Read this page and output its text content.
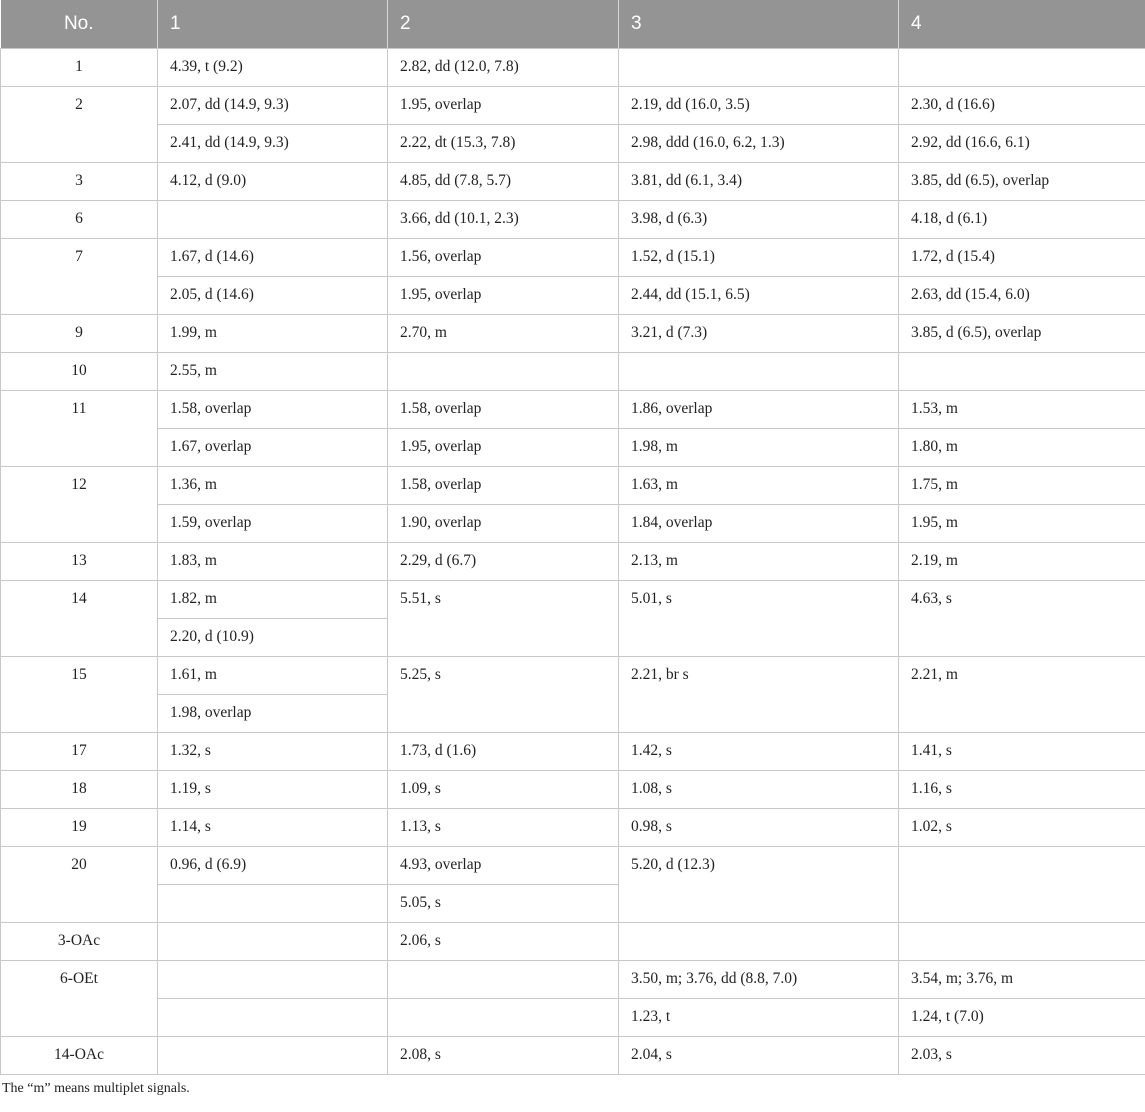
No.	1	2	3	4
1	4.39, t (9.2)	2.82, dd (12.0, 7.8)		
2	2.07, dd (14.9, 9.3)	1.95, overlap	2.19, dd (16.0, 3.5)	2.30, d (16.6)
	2.41, dd (14.9, 9.3)	2.22, dt (15.3, 7.8)	2.98, ddd (16.0, 6.2, 1.3)	2.92, dd (16.6, 6.1)
3	4.12, d (9.0)	4.85, dd (7.8, 5.7)	3.81, dd (6.1, 3.4)	3.85, dd (6.5), overlap
6		3.66, dd (10.1, 2.3)	3.98, d (6.3)	4.18, d (6.1)
7	1.67, d (14.6)	1.56, overlap	1.52, d (15.1)	1.72, d (15.4)
	2.05, d (14.6)	1.95, overlap	2.44, dd (15.1, 6.5)	2.63, dd (15.4, 6.0)
9	1.99, m	2.70, m	3.21, d (7.3)	3.85, d (6.5), overlap
10	2.55, m			
11	1.58, overlap	1.58, overlap	1.86, overlap	1.53, m
	1.67, overlap	1.95, overlap	1.98, m	1.80, m
12	1.36, m	1.58, overlap	1.63, m	1.75, m
	1.59, overlap	1.90, overlap	1.84, overlap	1.95, m
13	1.83, m	2.29, d (6.7)	2.13, m	2.19, m
14	1.82, m	5.51, s	5.01, s	4.63, s
	2.20, d (10.9)			
15	1.61, m	5.25, s	2.21, br s	2.21, m
	1.98, overlap			
17	1.32, s	1.73, d (1.6)	1.42, s	1.41, s
18	1.19, s	1.09, s	1.08, s	1.16, s
19	1.14, s	1.13, s	0.98, s	1.02, s
20	0.96, d (6.9)	4.93, overlap	5.20, d (12.3)	
		5.05, s		
3-OAc		2.06, s		
6-OEt			3.50, m; 3.76, dd (8.8, 7.0)	3.54, m; 3.76, m
			1.23, t	1.24, t (7.0)
14-OAc		2.08, s	2.04, s	2.03, s
The “m” means multiplet signals.
